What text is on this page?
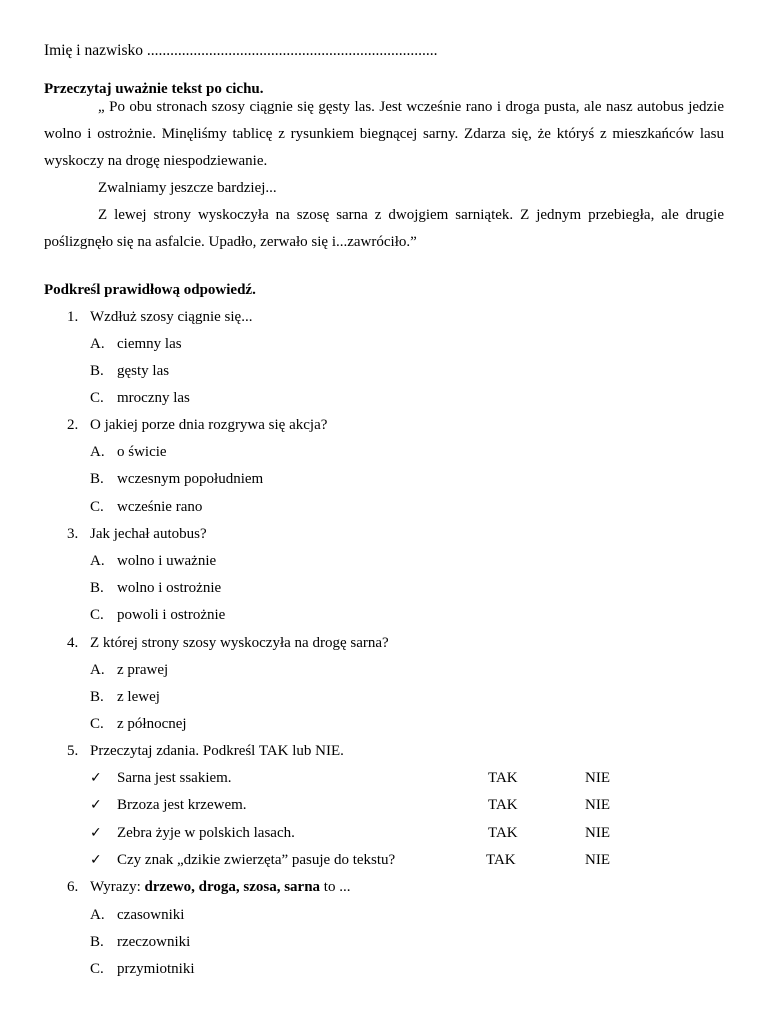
Imię i nazwisko ...........................................................................
Przeczytaj uważnie tekst po cichu.
„ Po obu stronach szosy ciągnie się gęsty las. Jest wcześnie rano i droga pusta, ale nasz autobus jedzie wolno i ostrożnie. Minęliśmy tablicę z rysunkiem biegnącej sarny. Zdarza się, że któryś z mieszkańców lasu wyskoczy na drogę niespodziewanie.
Zwalniamy jeszcze bardziej...
Z lewej strony wyskoczyła na szosę sarna z dwojgiem sarniątek. Z jednym przebiegła, ale drugie poślizgnęło się na asfalcie. Upadło, zerwało się i...zawróciło.”
Podkreśl prawidłową odpowiedź.
1. Wzdłuż szosy ciągnie się...
A. ciemny las
B. gęsty las
C. mroczny las
2. O jakiej porze dnia rozgrywa się akcja?
A. o świcie
B. wczesnym popołudniem
C. wcześnie rano
3. Jak jechał autobus?
A. wolno i uważnie
B. wolno i ostrożnie
C. powoli i ostrożnie
4. Z której strony szosy wyskoczyła na drogę sarna?
A. z prawej
B. z lewej
C. z północnej
5. Przeczytaj zdania. Podkreśl TAK lub NIE.
✓ Sarna jest ssakiem.	TAK	NIE
✓ Brzoza jest krzewem.	TAK	NIE
✓ Zebra żyje w polskich lasach.	TAK	NIE
✓ Czy znak „dzikie zwierzęta” pasuje do tekstu?	TAK	NIE
6. Wyrazy: drzewo, droga, szosa, sarna to ...
A. czasowniki
B. rzeczowniki
C. przymiotniki
